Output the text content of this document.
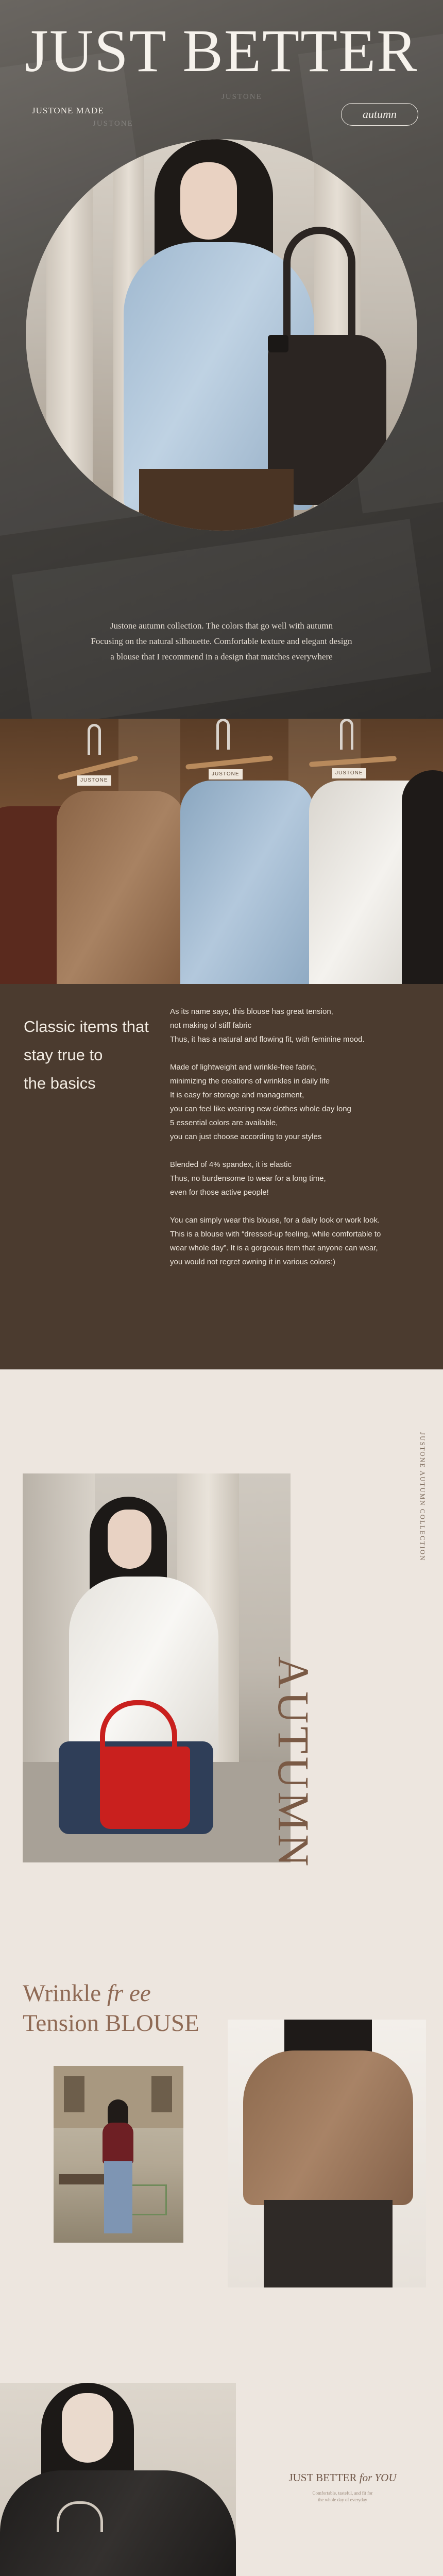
JUST BETTER
JUSTONE MADE
JUSTONE
JUSTONE
autumn
Justone autumn collection. The colors that go well with autumn
Focusing on the natural silhouette. Comfortable texture and elegant design
a blouse that I recommend in a design that matches everywhere
JUSTONE
JUSTONE	JUSTONE
Classic items that
stay true to
the basics
As its name says, this blouse has great tension,
not making of stiff fabric
Thus, it has a natural and flowing fit, with feminine mood.
Made of lightweight and wrinkle-free fabric,
minimizing the creations of wrinkles in daily life
It is easy for storage and management,
you can feel like wearing new clothes whole day long
5 essential colors are available,
you can just choose according to your styles
Blended of 4% spandex, it is elastic
Thus, no burdensome to wear for a long time,
even for those active people!
You can simply wear this blouse, for a daily look or work look.
This is a blouse with “dressed-up feeling, while comfortable to
wear whole day”. It is a gorgeous item that anyone can wear,
you would not regret owning it in various colors:)
JUSTONE AUTUMN COLLECTION
AUTUMN
Wrinkle fr ee
Tension BLOUSE
JUST BETTER for YOU
Comfortable, tasteful, and fit for
the whole day of everyday
